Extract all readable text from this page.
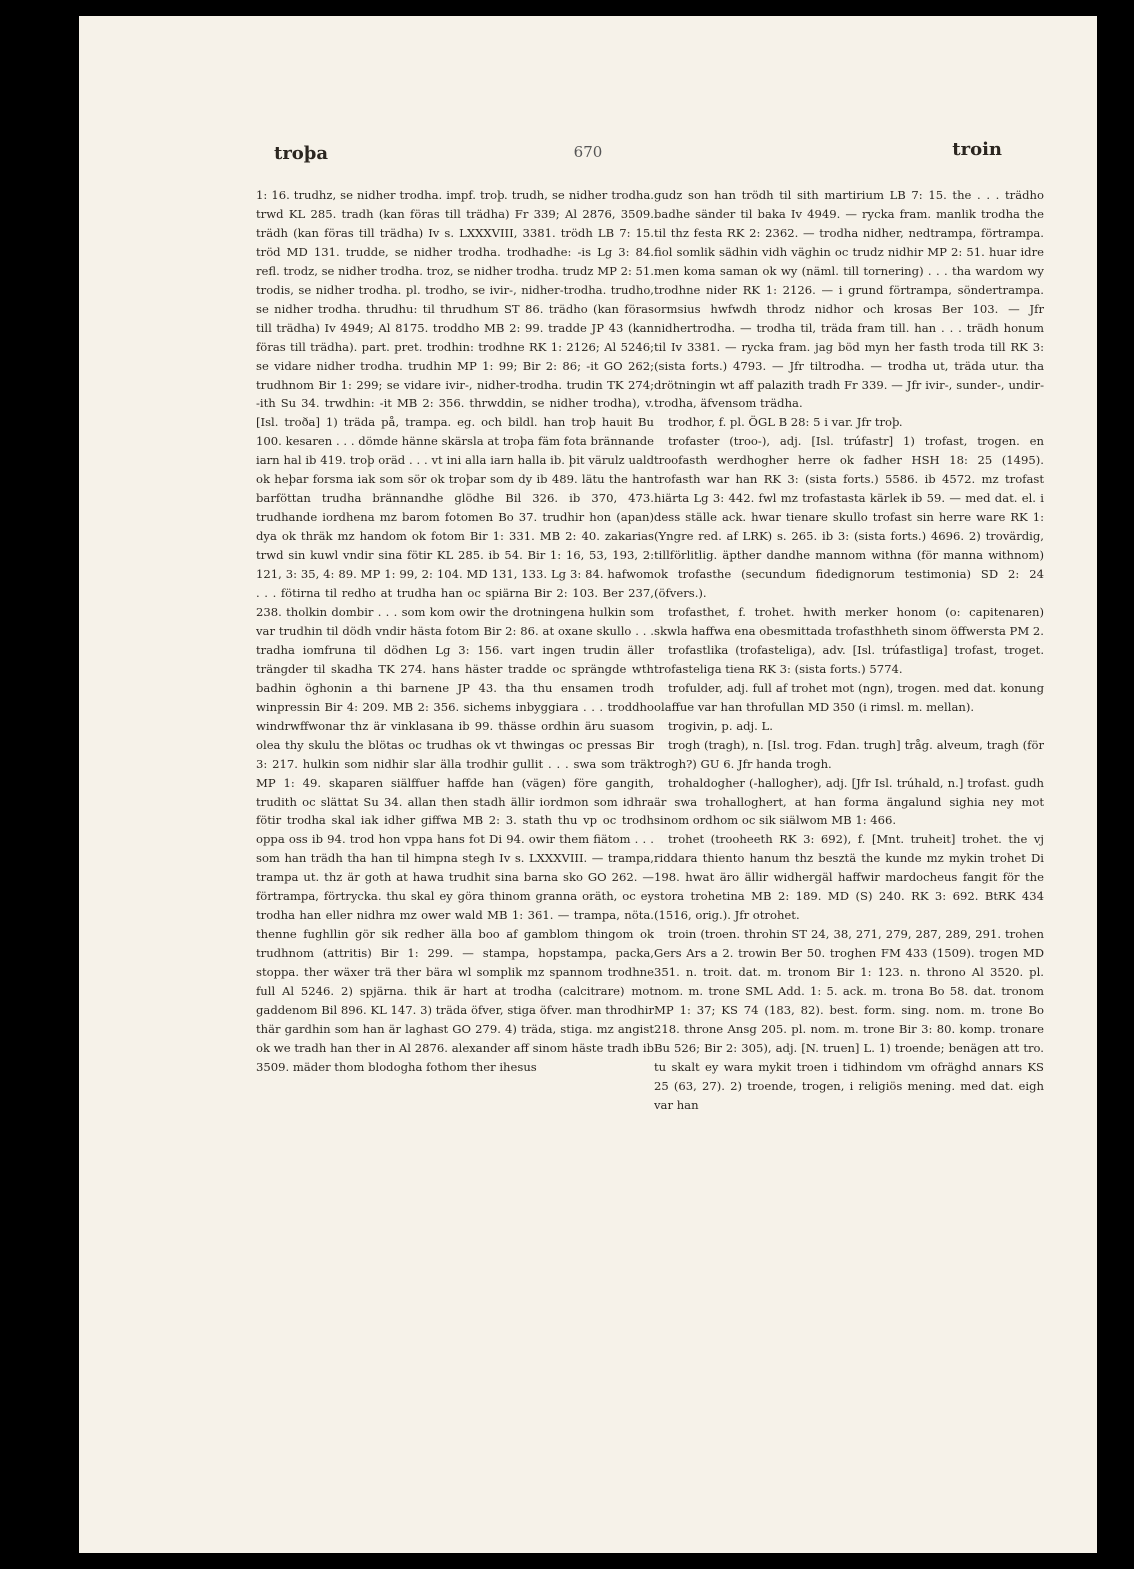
troþa	670	troin

1: 16. trudhz, se nidher trodha. impf. troþ. trudh, se nidher trodha. trwd KL 285. tradh (kan föras till trädha) Fr 339; Al 2876, 3509. trädh (kan föras till trädha) Iv s. LXXXVIII, 3381. trödh LB 7: 15. tröd MD 131. trudde, se nidher trodha. trodhadhe: -is Lg 3: 84. refl. trodz, se nidher trodha. troz, se nidher trodha. trudz MP 2: 51. trodis, se nidher trodha. pl. trodho, se ivir-, nidher-trodha. trudho, se nidher trodha. thrudhu: til thrudhum ST 86. trädho (kan föras till trädha) Iv 4949; Al 8175. troddho MB 2: 99. tradde JP 43 (kan föras till trädha). part. pret. trodhin: trodhne RK 1: 2126; Al 5246; se vidare nidher trodha. trudhin MP 1: 99; Bir 2: 86; -it GO 262; trudhnom Bir 1: 299; se vidare ivir-, nidher-trodha. trudin TK 274; -ith Su 34. trwdhin: -it MB 2: 356. thrwddin, se nidher trodha), v. [Isl. troða] 1) träda på, trampa. eg. och bildl. han troþ hauit Bu 100. kesaren . . . dömde hänne skärsla at troþa fäm fota brännande iarn hal ib 419. troþ oräd . . . vt ini alla iarn halla ib. þit värulz uald ok heþar forsma iak som sör ok troþar som dy ib 489. lätu the han barföttan trudha brännandhe glödhe Bil 326. ib 370, 473. trudhande iordhena mz barom fotomen Bo 37. trudhir hon (apan) dya ok thräk mz handom ok fotom Bir 1: 331. MB 2: 40. zakarias trwd sin kuwl vndir sina fötir KL 285. ib 54. Bir 1: 16, 53, 193, 2: 121, 3: 35, 4: 89. MP 1: 99, 2: 104. MD 131, 133. Lg 3: 84. hafwom . . . fötirna til redho at trudha han oc spiärna Bir 2: 103. Ber 237, 238. tholkin dombir . . . som kom owir the drotningena hulkin som var trudhin til dödh vndir hästa fotom Bir 2: 86. at oxane skullo . . . tradha iomfruna til dödhen Lg 3: 156. vart ingen trudin äller trängder til skadha TK 274. hans häster tradde oc sprängde wth badhin öghonin a thi barnene JP 43. tha thu ensamen trodh winpressin Bir 4: 209. MB 2: 356. sichems inbyggiara . . . troddho windrwffwonar thz är vinklasana ib 99. thässe ordhin äru suasom olea thy skulu the blötas oc trudhas ok vt thwingas oc pressas Bir 3: 217. hulkin som nidhir slar älla trodhir gullit . . . swa som träk MP 1: 49. skaparen siälffuer haffde han (vägen) före gangith, trudith oc slättat Su 34. allan then stadh ällir iordmon som idhra fötir trodha skal iak idher giffwa MB 2: 3. stath thu vp oc trodh oppa oss ib 94. trod hon vppa hans fot Di 94. owir them fiätom . . . som han trädh tha han til himpna stegh Iv s. LXXXVIII. — trampa, trampa ut. thz är goth at hawa trudhit sina barna sko GO 262. — förtrampa, förtrycka. thu skal ey göra thinom granna oräth, oc ey trodha han eller nidhra mz ower wald MB 1: 361. — trampa, nöta. thenne fughllin gör sik redher älla boo af gamblom thingom ok trudhnom (attritis) Bir 1: 299. — stampa, hopstampa, packa, stoppa. ther wäxer trä ther bära wl somplik mz spannom trodhne full Al 5246. 2) spjärna. thik är hart at trodha (calcitrare) mot gaddenom Bil 896. KL 147. 3) träda öfver, stiga öfver. man throdhir thär gardhin som han är laghast GO 279. 4) träda, stiga. mz angist ok we tradh han ther in Al 2876. alexander aff sinom häste tradh ib 3509. mäder thom blodogha fothom ther ihesus

gudz son han trödh til sith martirium LB 7: 15. the . . . trädho badhe sänder til baka Iv 4949. — rycka fram. manlik trodha the til thz festa RK 2: 2362. — trodha nidher, nedtrampa, förtrampa. fiol somlik sädhin vidh väghin oc trudz nidhir MP 2: 51. huar idre men koma saman ok wy (näml. till tornering) . . . tha wardom wy trodhne nider RK 1: 2126. — i grund förtrampa, söndertrampa. ormsius hwfwdh throdz nidhor och krosas Ber 103. — Jfr nidhertrodha. — trodha til, träda fram till. han . . . trädh honum til Iv 3381. — rycka fram. jag böd myn her fasth troda till RK 3: (sista forts.) 4793. — Jfr tiltrodha. — trodha ut, träda utur. tha drötningin wt aff palazith tradh Fr 339. — Jfr ivir-, sunder-, undir-trodha, äfvensom trädha.

trodhor, f. pl. ÖGL B 28: 5 i var. Jfr troþ.

trofaster (troo-), adj. [Isl. trúfastr] 1) trofast, trogen. en troofasth werdhogher herre ok fadher HSH 18: 25 (1495). trofasth war han RK 3: (sista forts.) 5586. ib 4572. mz trofast hiärta Lg 3: 442. fwl mz trofastasta kärlek ib 59. — med dat. el. i dess ställe ack. hwar tienare skullo trofast sin herre ware RK 1: (Yngre red. af LRK) s. 265. ib 3: (sista forts.) 4696. 2) trovärdig, tillförlitlig. äpther dandhe mannom withna (för manna withnom) ok trofasthe (secundum fidedignorum testimonia) SD 2: 24 (öfvers.).

trofasthet, f. trohet. hwith merker honom (o: capitenaren) skwla haffwa ena obesmittada trofasthheth sinom öffwersta PM 2.

trofastlika (trofasteliga), adv. [Isl. trúfastliga] trofast, troget. trofasteliga tiena RK 3: (sista forts.) 5774.

trofulder, adj. full af trohet mot (ngn), trogen. med dat. konung olaffue var han throfullan MD 350 (i rimsl. m. mellan).

trogivin, p. adj. L.

trogh (tragh), n. [Isl. trog. Fdan. trugh] tråg. alveum, tragh (för trogh?) GU 6. Jfr handa trogh.

trohaldogher (-hallogher), adj. [Jfr Isl. trúhald, n.] trofast. gudh är swa trohalloghert, at han forma ängalund sighia ney mot sinom ordhom oc sik siälwom MB 1: 466.

trohet (trooheeth RK 3: 692), f. [Mnt. truheit] trohet. the vj riddara thiento hanum thz besztä the kunde mz mykin trohet Di 198. hwat äro ällir widhergäl haffwir mardocheus fangit för the stora trohetina MB 2: 189. MD (S) 240. RK 3: 692. BtRK 434 (1516, orig.). Jfr otrohet.

troin (troen. throhin ST 24, 38, 271, 279, 287, 289, 291. trohen Gers Ars a 2. trowin Ber 50. troghen FM 433 (1509). trogen MD 351. n. troit. dat. m. tronom Bir 1: 123. n. throno Al 3520. pl. nom. m. trone SML Add. 1: 5. ack. m. trona Bo 58. dat. tronom MP 1: 37; KS 74 (183, 82). best. form. sing. nom. m. trone Bo 218. throne Ansg 205. pl. nom. m. trone Bir 3: 80. komp. tronare Bu 526; Bir 2: 305), adj. [N. truen] L. 1) troende; benägen att tro. tu skalt ey wara mykit troen i tidhindom vm ofräghd annars KS 25 (63, 27). 2) troende, trogen, i religiös mening. med dat. eigh var han
